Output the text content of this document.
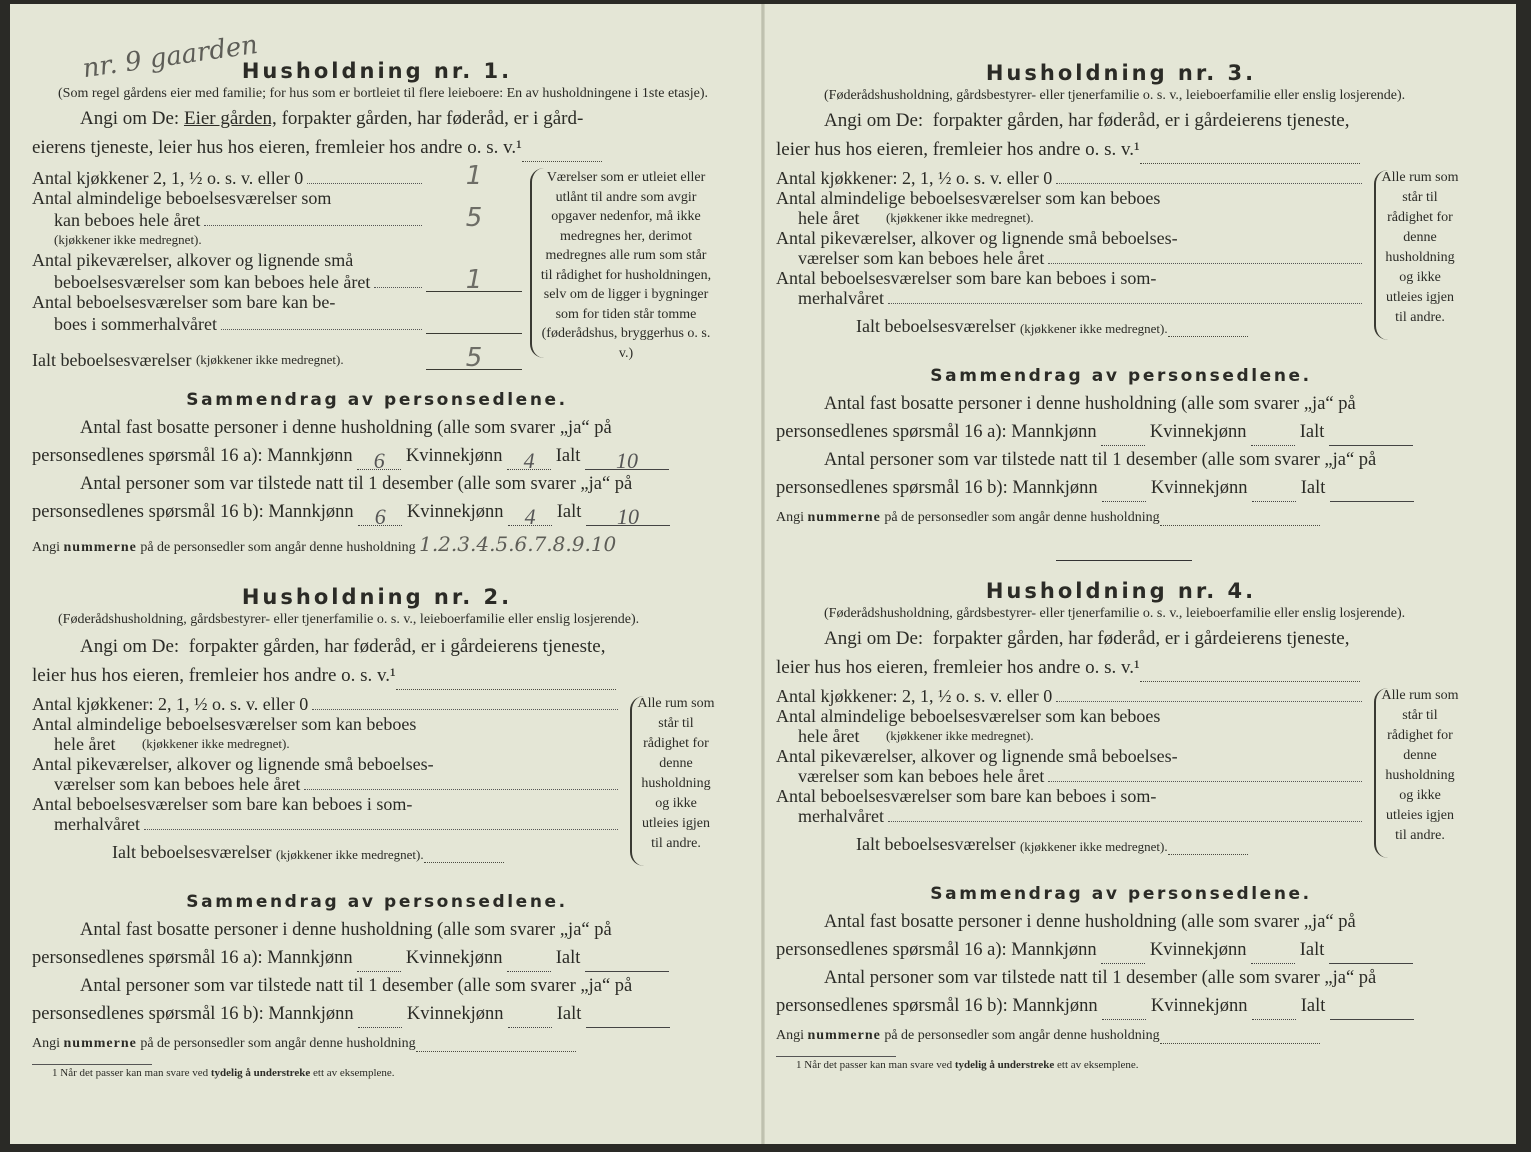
nr. 9 gaarden
Husholdning nr. 1.
(Som regel gårdens eier med familie; for hus som er bortleiet til flere leieboere: En av husholdningene i 1ste etasje).
Angi om De: Eier gården, forpakter gården, har føderåd, er i gård-
eierens tjeneste, leier hus hos eieren, fremleier hos andre o. s. v.¹
Antal kjøkkener 2, 1, ½ o. s. v. eller 0	1
Antal almindelige beboelsesværelser som
kan beboes hele året	5
(kjøkkener ikke medregnet).
Antal pikeværelser, alkover og lignende små
beboelsesværelser som kan beboes hele året	1
Antal beboelsesværelser som bare kan be-
boes i sommerhalvåret
Ialt beboelsesværelser
(kjøkkener ikke medregnet).	5
Værelser som er utleiet eller utlånt til andre som avgir opgaver nedenfor, må ikke medregnes her, derimot medregnes alle rum som står til rådighet for husholdningen, selv om de ligger i bygninger som for tiden står tomme (føderådshus, bryggerhus o. s. v.)
Sammendrag av personsedlene.
Antal fast bosatte personer i denne husholdning (alle som svarer „ja“ på
personsedlenes spørsmål 16 a): Mannkjønn 6 Kvinnekjønn 4 Ialt 10
Antal personer som var tilstede natt til 1 desember (alle som svarer „ja“ på
personsedlenes spørsmål 16 b): Mannkjønn 6 Kvinnekjønn 4 Ialt 10
Angi nummerne på de personsedler som angår denne husholdning 1.2.3.4.5.6.7.8.9.10
Husholdning nr. 2.
(Føderådshusholdning, gårdsbestyrer- eller tjenerfamilie o. s. v., leieboerfamilie eller enslig losjerende).
Angi om De: forpakter gården, har føderåd, er i gårdeierens tjeneste,
leier hus hos eieren, fremleier hos andre o. s. v.¹
Antal kjøkkener: 2, 1, ½ o. s. v. eller 0
Antal almindelige beboelsesværelser som kan beboes
hele året
	(kjøkkener ikke medregnet).
Antal pikeværelser, alkover og lignende små beboelses-
værelser som kan beboes hele året
Antal beboelsesværelser som bare kan beboes i som-
merhalvåret
Ialt beboelsesværelser
(kjøkkener ikke medregnet).
Alle rum som står til rådighet for denne husholdning og ikke utleies igjen til andre.
Sammendrag av personsedlene.
Antal fast bosatte personer i denne husholdning (alle som svarer „ja“ på
personsedlenes spørsmål 16 a): Mannkjønn	Kvinnekjønn	Ialt
Antal personer som var tilstede natt til 1 desember (alle som svarer „ja“ på
personsedlenes spørsmål 16 b): Mannkjønn	Kvinnekjønn	Ialt
Angi nummerne på de personsedler som angår denne husholdning
1 Når det passer kan man svare ved tydelig å understreke ett av eksemplene.
Husholdning nr. 3.
(Føderådshusholdning, gårdsbestyrer- eller tjenerfamilie o. s. v., leieboerfamilie eller enslig losjerende).
Angi om De: forpakter gården, har føderåd, er i gårdeierens tjeneste,
leier hus hos eieren, fremleier hos andre o. s. v.¹
Antal kjøkkener: 2, 1, ½ o. s. v. eller 0
Antal almindelige beboelsesværelser som kan beboes
hele året
	(kjøkkener ikke medregnet).
Antal pikeværelser, alkover og lignende små beboelses-
værelser som kan beboes hele året
Antal beboelsesværelser som bare kan beboes i som-
merhalvåret
Ialt beboelsesværelser
(kjøkkener ikke medregnet).
Alle rum som står til rådighet for denne husholdning og ikke utleies igjen til andre.
Sammendrag av personsedlene.
Antal fast bosatte personer i denne husholdning (alle som svarer „ja“ på
personsedlenes spørsmål 16 a): Mannkjønn	Kvinnekjønn	Ialt
Antal personer som var tilstede natt til 1 desember (alle som svarer „ja“ på
personsedlenes spørsmål 16 b): Mannkjønn	Kvinnekjønn	Ialt
Angi nummerne på de personsedler som angår denne husholdning
Husholdning nr. 4.
(Føderådshusholdning, gårdsbestyrer- eller tjenerfamilie o. s. v., leieboerfamilie eller enslig losjerende).
Angi om De: forpakter gården, har føderåd, er i gårdeierens tjeneste,
leier hus hos eieren, fremleier hos andre o. s. v.¹
Antal kjøkkener: 2, 1, ½ o. s. v. eller 0
Antal almindelige beboelsesværelser som kan beboes
hele året
	(kjøkkener ikke medregnet).
Antal pikeværelser, alkover og lignende små beboelses-
værelser som kan beboes hele året
Antal beboelsesværelser som bare kan beboes i som-
merhalvåret
Ialt beboelsesværelser
(kjøkkener ikke medregnet).
Alle rum som står til rådighet for denne husholdning og ikke utleies igjen til andre.
Sammendrag av personsedlene.
Antal fast bosatte personer i denne husholdning (alle som svarer „ja“ på
personsedlenes spørsmål 16 a): Mannkjønn	Kvinnekjønn	Ialt
Antal personer som var tilstede natt til 1 desember (alle som svarer „ja“ på
personsedlenes spørsmål 16 b): Mannkjønn	Kvinnekjønn	Ialt
Angi nummerne på de personsedler som angår denne husholdning
1 Når det passer kan man svare ved tydelig å understreke ett av eksemplene.
